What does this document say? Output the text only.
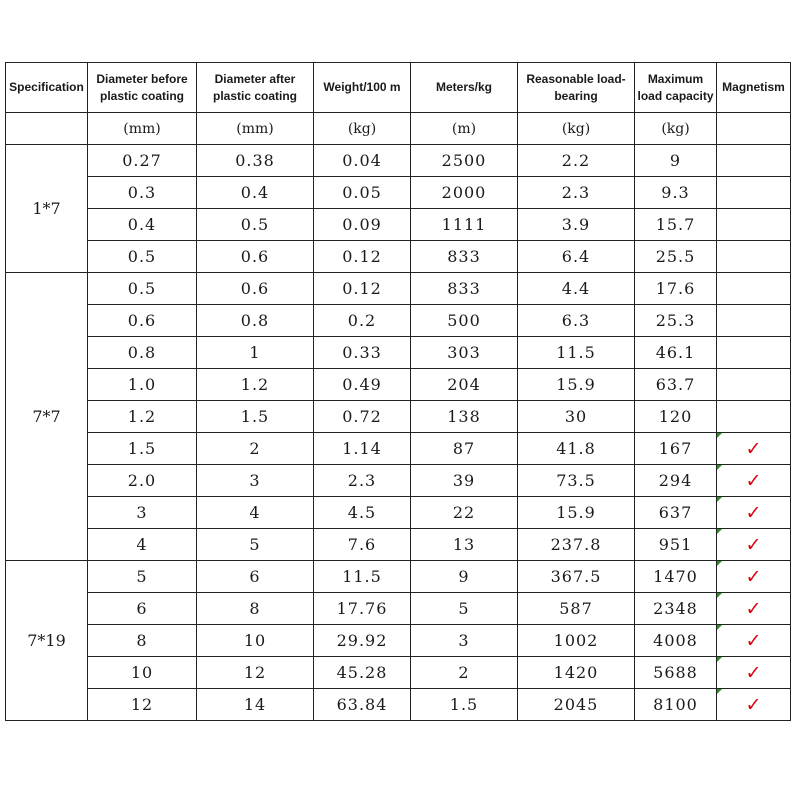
Specification	Diameter before plastic coating	Diameter after plastic coating	Weight/100 m	Meters/kg	Reasonable load-bearing	Maximum load capacity	Magnetism
	(mm)	(mm)	(kg)	(m)	(kg)	(kg)	
1*7	0.27	0.38	0.04	2500	2.2	9	
	0.3	0.4	0.05	2000	2.3	9.3	
	0.4	0.5	0.09	1111	3.9	15.7	
	0.5	0.6	0.12	833	6.4	25.5	
7*7	0.5	0.6	0.12	833	4.4	17.6	
	0.6	0.8	0.2	500	6.3	25.3	
	0.8	1	0.33	303	11.5	46.1	
	1.0	1.2	0.49	204	15.9	63.7	
	1.2	1.5	0.72	138	30	120	
	1.5	2	1.14	87	41.8	167	✓
	2.0	3	2.3	39	73.5	294	✓
	3	4	4.5	22	15.9	637	✓
	4	5	7.6	13	237.8	951	✓
7*19	5	6	11.5	9	367.5	1470	✓
	6	8	17.76	5	587	2348	✓
	8	10	29.92	3	1002	4008	✓
	10	12	45.28	2	1420	5688	✓
	12	14	63.84	1.5	2045	8100	✓
